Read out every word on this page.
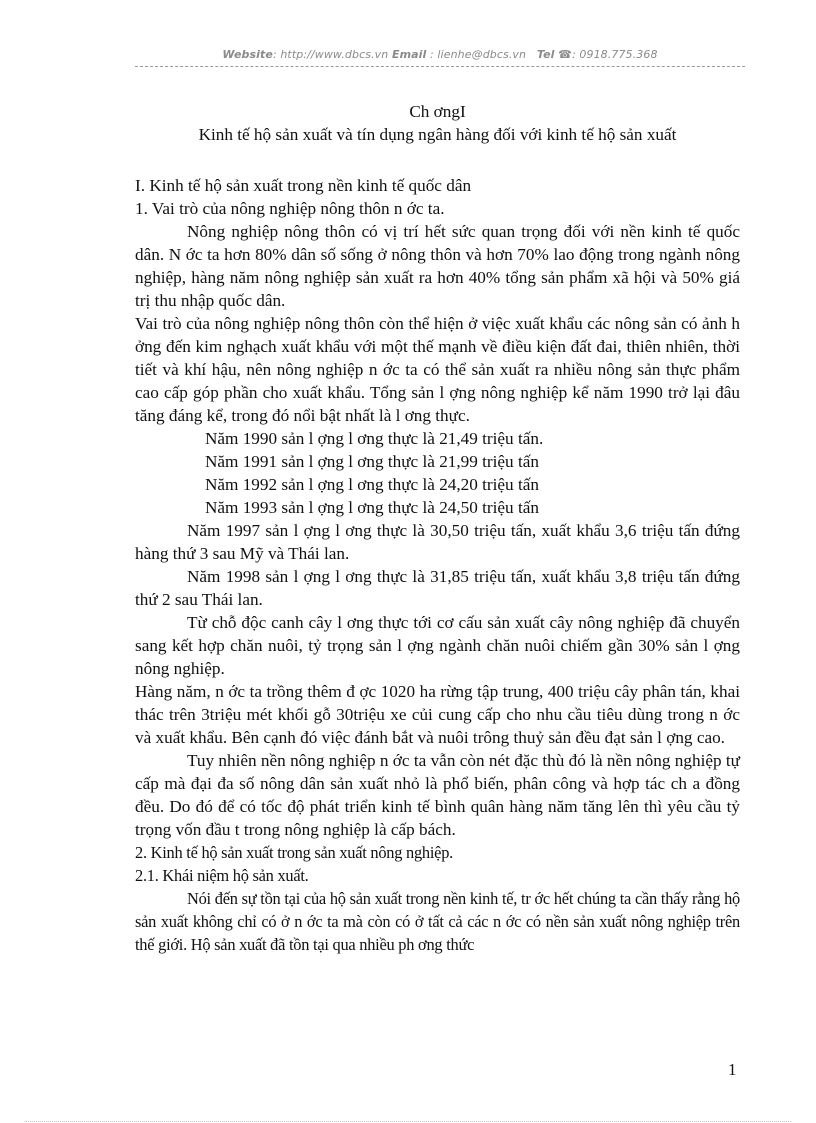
Website: http://www.dbcs.vn Email : lienhe@dbcs.vn Tel ☎: 0918.775.368

Ch ơngI

Kinh tế hộ sản xuất và tín dụng ngân hàng đối với kinh tế hộ sản xuất

I. Kinh tế hộ sản xuất trong nền kinh tế quốc dân

1. Vai trò của nông nghiệp nông thôn n ớc ta.

Nông nghiệp nông thôn có vị trí hết sức quan trọng đối với nền kinh tế quốc dân. N ớc ta hơn 80% dân số sống ở nông thôn và hơn 70% lao động trong ngành nông nghiệp, hàng năm nông nghiệp sản xuất ra hơn 40% tổng sản phẩm xã hội và 50% giá trị thu nhập quốc dân.

Vai trò của nông nghiệp nông thôn còn thể hiện ở việc xuất khẩu các nông sản có ảnh h ởng đến kim nghạch xuất khẩu với một thế mạnh về điều kiện đất đai, thiên nhiên, thời tiết và khí hậu, nên nông nghiệp n ớc ta có thể sản xuất ra nhiều nông sản thực phẩm cao cấp góp phần cho xuất khẩu. Tổng sản l ợng nông nghiệp kể năm 1990 trở lại đâu tăng đáng kể, trong đó nổi bật nhất là l ơng thực.

Năm 1990 sản l ợng l ơng thực là 21,49 triệu tấn.

Năm 1991 sản l ợng l ơng thực là 21,99 triệu tấn

Năm 1992 sản l ợng l ơng thực là 24,20 triệu tấn

Năm 1993 sản l ợng l ơng thực là 24,50 triệu tấn

Năm 1997 sản l ợng l ơng thực là 30,50 triệu tấn, xuất khẩu 3,6 triệu tấn đứng hàng thứ 3 sau Mỹ và Thái lan.

Năm 1998 sản l ợng l ơng thực là 31,85 triệu tấn, xuất khẩu 3,8 triệu tấn đứng thứ 2 sau Thái lan.

Từ chỗ độc canh cây l ơng thực tới cơ cấu sản xuất cây nông nghiệp đã chuyển sang kết hợp chăn nuôi, tỷ trọng sản l ợng ngành chăn nuôi chiếm gần 30% sản l ợng nông nghiệp.

Hàng năm, n ớc ta trồng thêm đ ợc 1020 ha rừng tập trung, 400 triệu cây phân tán, khai thác trên 3triệu mét khối gỗ 30triệu xe củi cung cấp cho nhu cầu tiêu dùng trong n ớc và xuất khẩu. Bên cạnh đó việc đánh bắt và nuôi trông thuỷ sản đều đạt sản l ợng cao.

Tuy nhiên nền nông nghiệp n ớc ta vẫn còn nét đặc thù đó là nền nông nghiệp tự cấp mà đại đa số nông dân sản xuất nhỏ là phổ biến, phân công và hợp tác ch a đồng đều. Do đó để có tốc độ phát triển kinh tế bình quân hàng năm tăng lên thì yêu cầu tỷ trọng vốn đầu t trong nông nghiệp là cấp bách.

2. Kinh tế hộ sản xuất trong sản xuất nông nghiệp.

2.1. Khái niệm hộ sản xuất.

Nói đến sự tồn tại của hộ sản xuất trong nền kinh tế, tr ớc hết chúng ta cần thấy rằng hộ sản xuất không chỉ có ở n ớc ta mà còn có ở tất cả các n ớc có nền sản xuất nông nghiệp trên thế giới. Hộ sản xuất đã tồn tại qua nhiều ph ơng thức

1
